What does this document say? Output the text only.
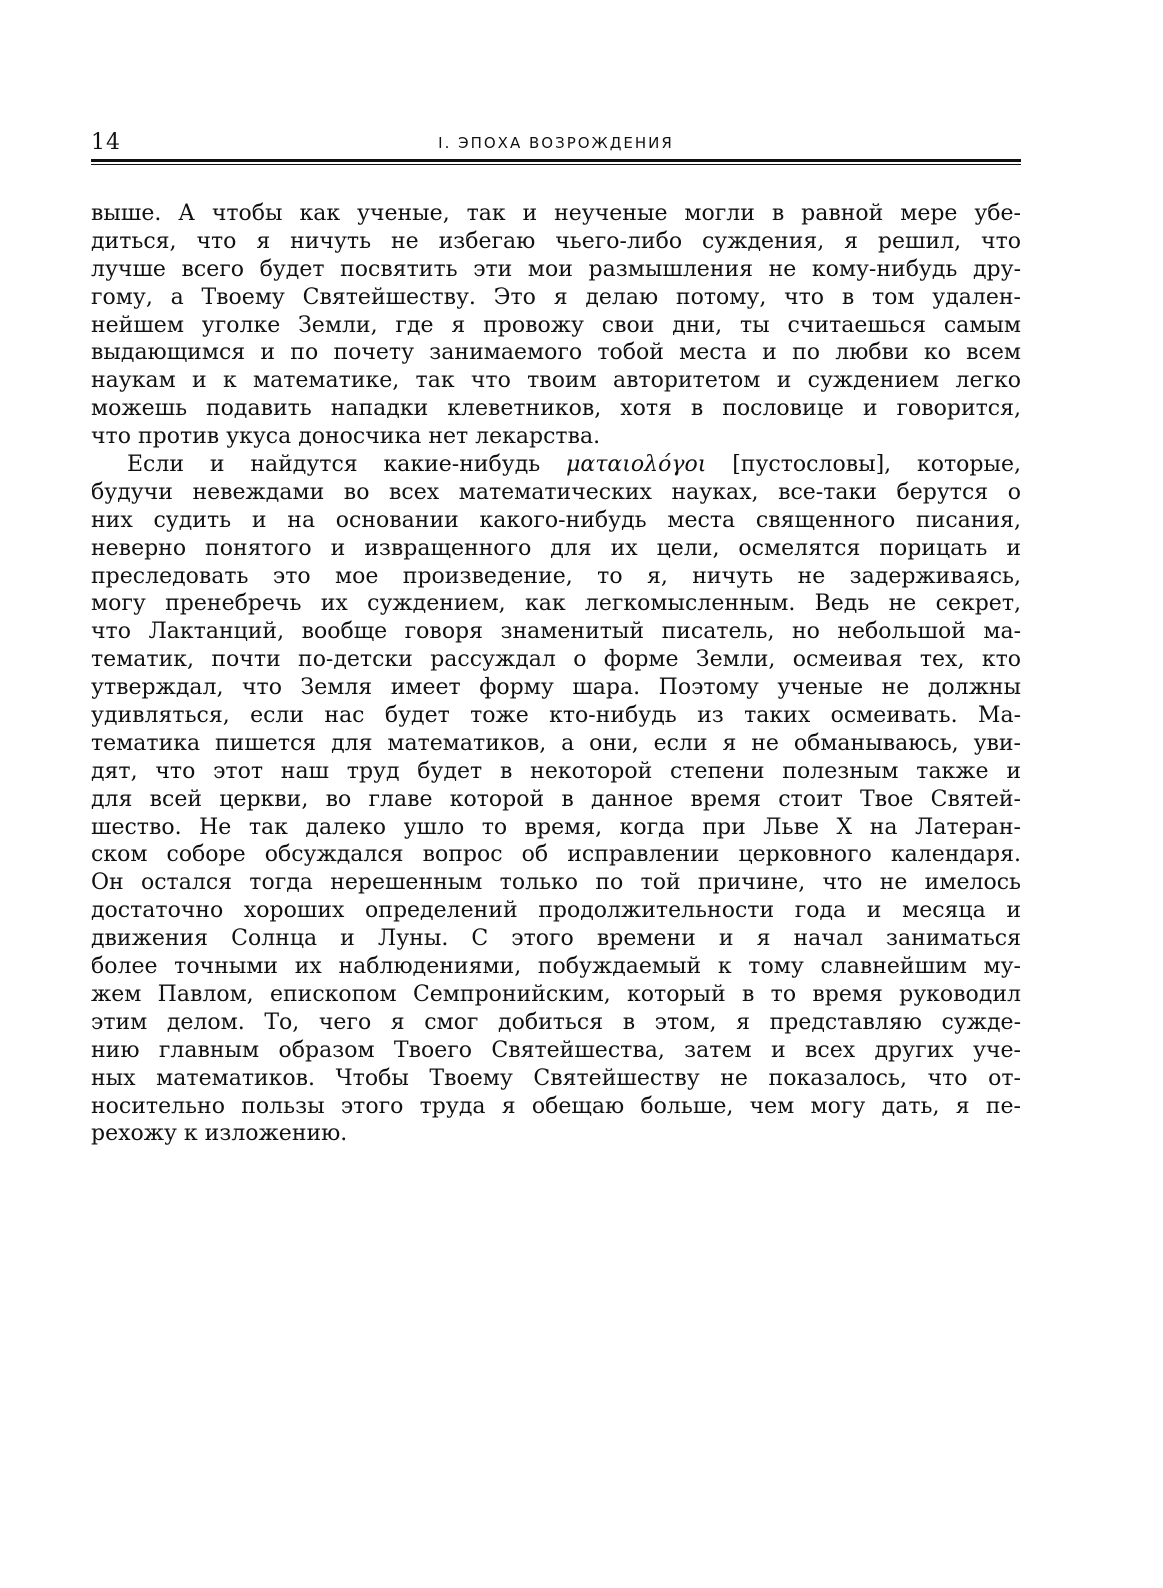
14	I. ЭПОХА ВОЗРОЖДЕНИЯ
выше. А чтобы как ученые, так и неученые могли в равной мере убе-
диться, что я ничуть не избегаю чьего-либо суждения, я решил, что
лучше всего будет посвятить эти мои размышления не кому-нибудь дру-
гому, а Твоему Святейшеству. Это я делаю потому, что в том удален-
нейшем уголке Земли, где я провожу свои дни, ты считаешься самым
выдающимся и по почету занимаемого тобой места и по любви ко всем
наукам и к математике, так что твоим авторитетом и суждением легко
можешь подавить нападки клеветников, хотя в пословице и говорится,
что против укуса доносчика нет лекарства.
Если и найдутся какие-нибудь ματαιολόγοι [пустословы], которые,
будучи невеждами во всех математических науках, все-таки берутся о
них судить и на основании какого-нибудь места священного писания,
неверно понятого и извращенного для их цели, осмелятся порицать и
преследовать это мое произведение, то я, ничуть не задерживаясь,
могу пренебречь их суждением, как легкомысленным. Ведь не секрет,
что Лактанций, вообще говоря знаменитый писатель, но небольшой ма-
тематик, почти по-детски рассуждал о форме Земли, осмеивая тех, кто
утверждал, что Земля имеет форму шара. Поэтому ученые не должны
удивляться, если нас будет тоже кто-нибудь из таких осмеивать. Ма-
тематика пишется для математиков, а они, если я не обманываюсь, уви-
дят, что этот наш труд будет в некоторой степени полезным также и
для всей церкви, во главе которой в данное время стоит Твое Святей-
шество. Не так далеко ушло то время, когда при Льве X на Латеран-
ском соборе обсуждался вопрос об исправлении церковного календаря.
Он остался тогда нерешенным только по той причине, что не имелось
достаточно хороших определений продолжительности года и месяца и
движения Солнца и Луны. С этого времени и я начал заниматься
более точными их наблюдениями, побуждаемый к тому славнейшим му-
жем Павлом, епископом Семпронийским, который в то время руководил
этим делом. То, чего я смог добиться в этом, я представляю сужде-
нию главным образом Твоего Святейшества, затем и всех других уче-
ных математиков. Чтобы Твоему Святейшеству не показалось, что от-
носительно пользы этого труда я обещаю больше, чем могу дать, я пе-
рехожу к изложению.
